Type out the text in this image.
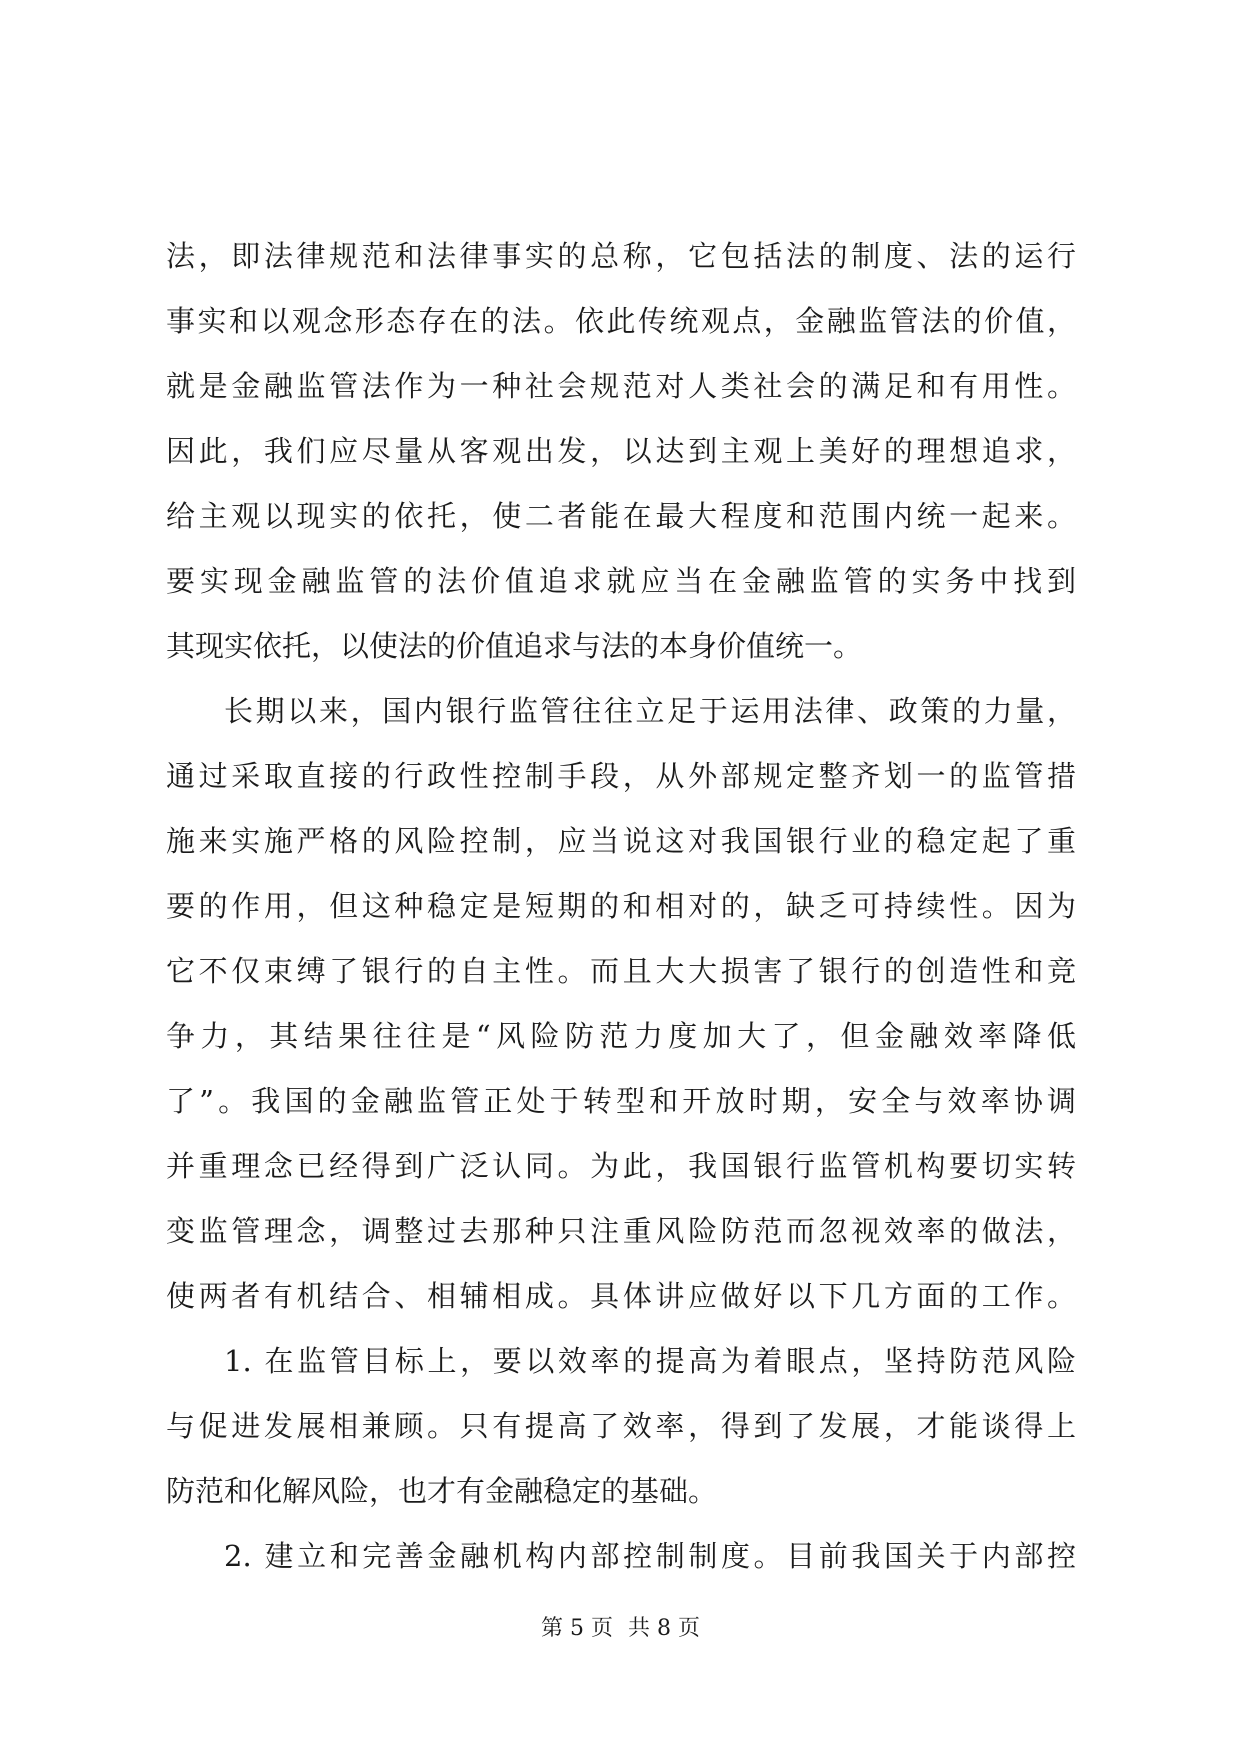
法，即法律规范和法律事实的总称，它包括法的制度、法的运行
事实和以观念形态存在的法。依此传统观点，金融监管法的价值，
就是金融监管法作为一种社会规范对人类社会的满足和有用性。
因此，我们应尽量从客观出发，以达到主观上美好的理想追求，
给主观以现实的依托，使二者能在最大程度和范围内统一起来。
要实现金融监管的法价值追求就应当在金融监管的实务中找到
其现实依托，以使法的价值追求与法的本身价值统一。
长期以来，国内银行监管往往立足于运用法律、政策的力量，
通过采取直接的行政性控制手段，从外部规定整齐划一的监管措
施来实施严格的风险控制，应当说这对我国银行业的稳定起了重
要的作用，但这种稳定是短期的和相对的，缺乏可持续性。因为
它不仅束缚了银行的自主性。而且大大损害了银行的创造性和竞
争力，其结果往往是“风险防范力度加大了，但金融效率降低
了”。我国的金融监管正处于转型和开放时期，安全与效率协调
并重理念已经得到广泛认同。为此，我国银行监管机构要切实转
变监管理念，调整过去那种只注重风险防范而忽视效率的做法，
使两者有机结合、相辅相成。具体讲应做好以下几方面的工作。
1. 在监管目标上，要以效率的提高为着眼点，坚持防范风险
与促进发展相兼顾。只有提高了效率，得到了发展，才能谈得上
防范和化解风险，也才有金融稳定的基础。
2. 建立和完善金融机构内部控制制度。目前我国关于内部控
第 5 页 共 8 页
